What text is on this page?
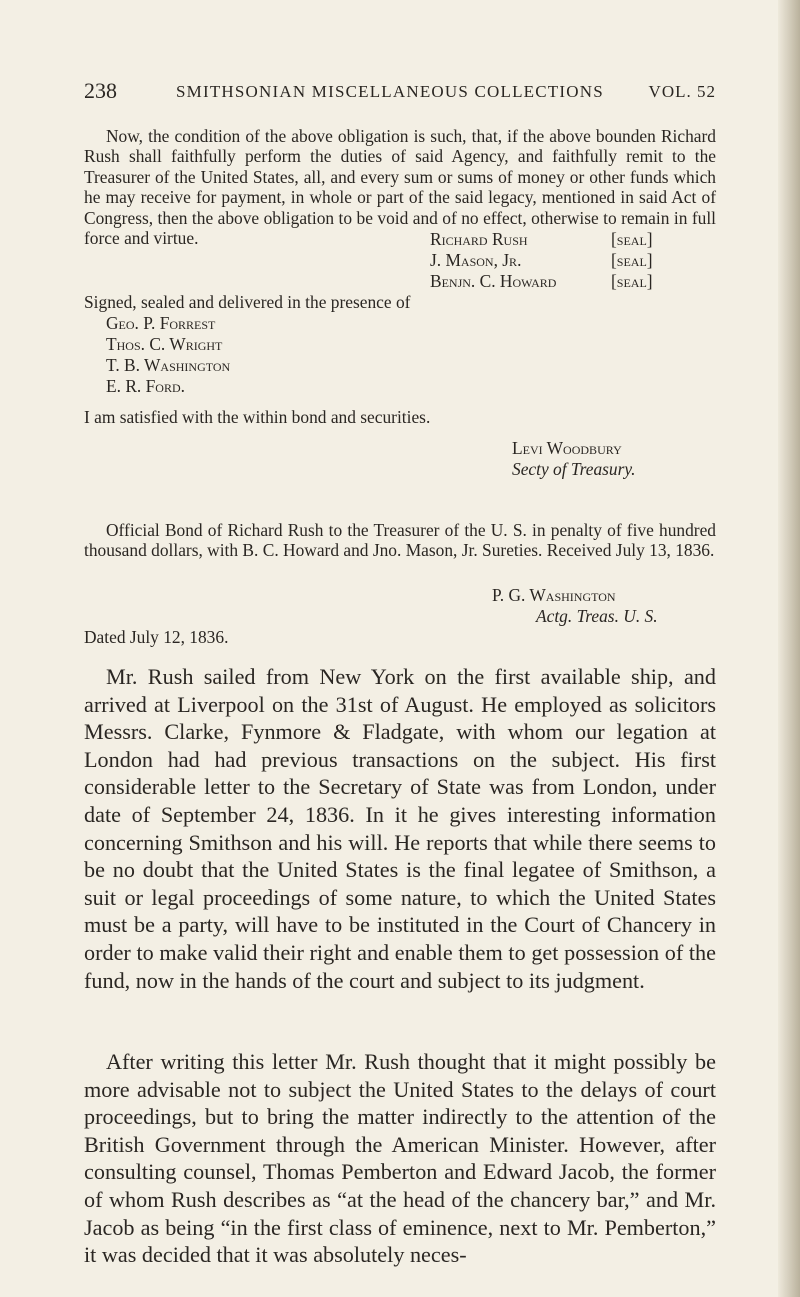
238	SMITHSONIAN MISCELLANEOUS COLLECTIONS	VOL. 52

Now, the condition of the above obligation is such, that, if the above bounden Richard Rush shall faithfully perform the duties of said Agency, and faithfully remit to the Treasurer of the United States, all, and every sum or sums of money or other funds which he may receive for payment, in whole or part of the said legacy, mentioned in said Act of Congress, then the above obligation to be void and of no effect, otherwise to remain in full force and virtue.	Richard Rush	[seal]
J. Mason, Jr.	[seal]
Benjn. C. Howard	[seal]
Signed, sealed and delivered in the presence of
Geo. P. Forrest
Thos. C. Wright
T. B. Washington
E. R. Ford.
I am satisfied with the within bond and securities.
Levi Woodbury
Secty of Treasury.

Official Bond of Richard Rush to the Treasurer of the U. S. in penalty of five hundred thousand dollars, with B. C. Howard and Jno. Mason, Jr. Sureties. Received July 13, 1836.

P. G. Washington
Actg. Treas. U. S.
Dated July 12, 1836.

Mr. Rush sailed from New York on the first available ship, and arrived at Liverpool on the 31st of August. He employed as solicitors Messrs. Clarke, Fynmore & Fladgate, with whom our legation at London had had previous transactions on the subject. His first considerable letter to the Secretary of State was from London, under date of September 24, 1836. In it he gives interesting information concerning Smithson and his will. He reports that while there seems to be no doubt that the United States is the final legatee of Smithson, a suit or legal proceedings of some nature, to which the United States must be a party, will have to be instituted in the Court of Chancery in order to make valid their right and enable them to get possession of the fund, now in the hands of the court and subject to its judgment.

After writing this letter Mr. Rush thought that it might possibly be more advisable not to subject the United States to the delays of court proceedings, but to bring the matter indirectly to the attention of the British Government through the American Minister. However, after consulting counsel, Thomas Pemberton and Edward Jacob, the former of whom Rush describes as “at the head of the chancery bar,” and Mr. Jacob as being “in the first class of eminence, next to Mr. Pemberton,” it was decided that it was absolutely neces-
